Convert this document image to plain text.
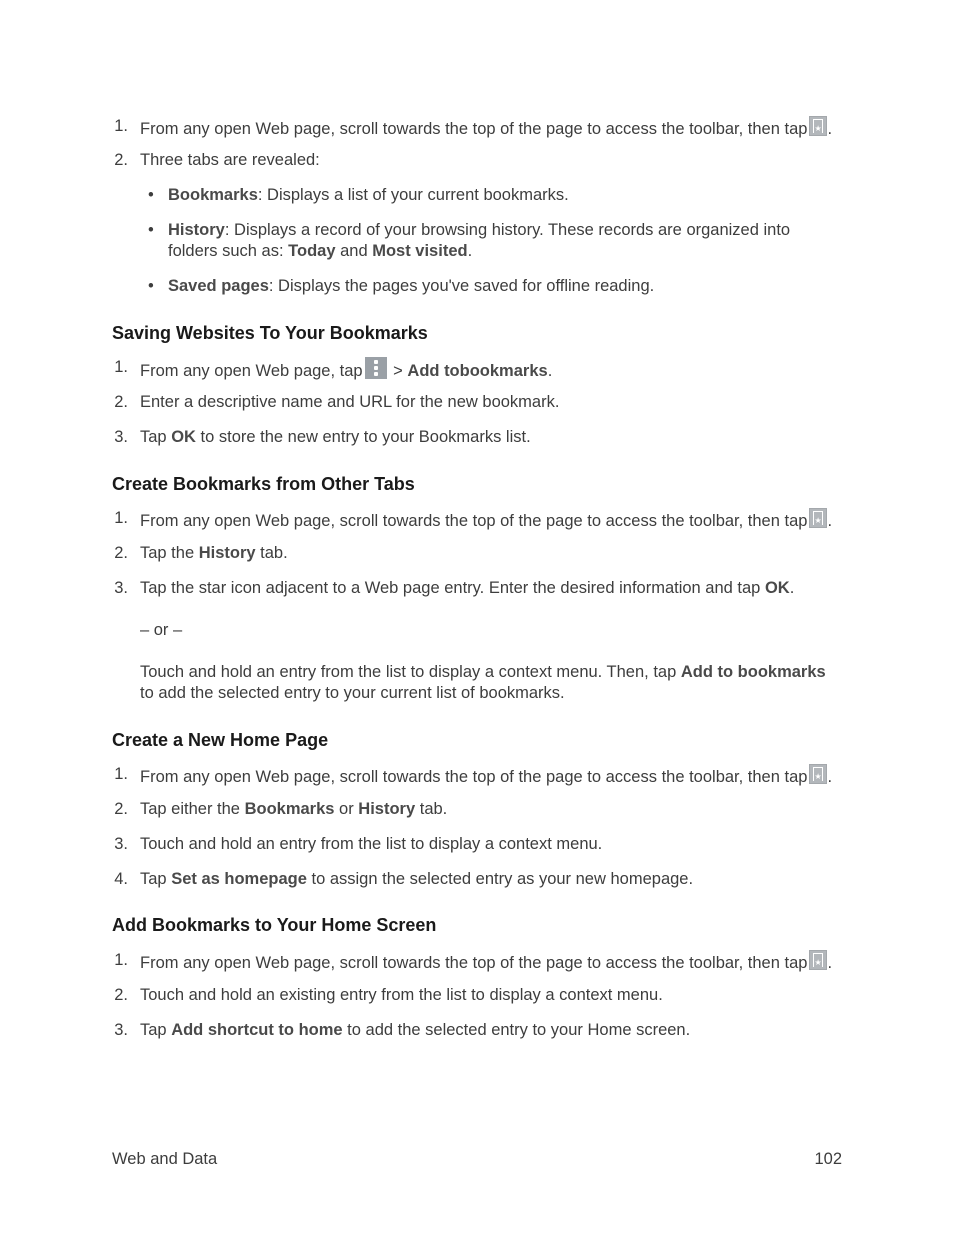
1. From any open Web page, scroll towards the top of the page to access the toolbar, then tap★ .
2. Three tabs are revealed:
• Bookmarks: Displays a list of your current bookmarks.
• History: Displays a record of your browsing history. These records are organized into folders such as: Today and Most visited.
• Saved pages: Displays the pages you've saved for offline reading.
Saving Websites To Your Bookmarks
1. From any open Web page, tap
> Add tobookmarks.
2. Enter a descriptive name and URL for the new bookmark.
3. Tap OK to store the new entry to your Bookmarks list.
Create Bookmarks from Other Tabs
1. From any open Web page, scroll towards the top of the page to access the toolbar, then tap★ .
2. Tap the History tab.
3. Tap the star icon adjacent to a Web page entry. Enter the desired information and tap OK.
– or –
Touch and hold an entry from the list to display a context menu. Then, tap Add to bookmarks to add the selected entry to your current list of bookmarks.
Create a New Home Page
1. From any open Web page, scroll towards the top of the page to access the toolbar, then tap★ .
2. Tap either the Bookmarks or History tab.
3. Touch and hold an entry from the list to display a context menu.
4. Tap Set as homepage to assign the selected entry as your new homepage.
Add Bookmarks to Your Home Screen
1. From any open Web page, scroll towards the top of the page to access the toolbar, then tap★ .
2. Touch and hold an existing entry from the list to display a context menu.
3. Tap Add shortcut to home to add the selected entry to your Home screen.
Web and Data	102
